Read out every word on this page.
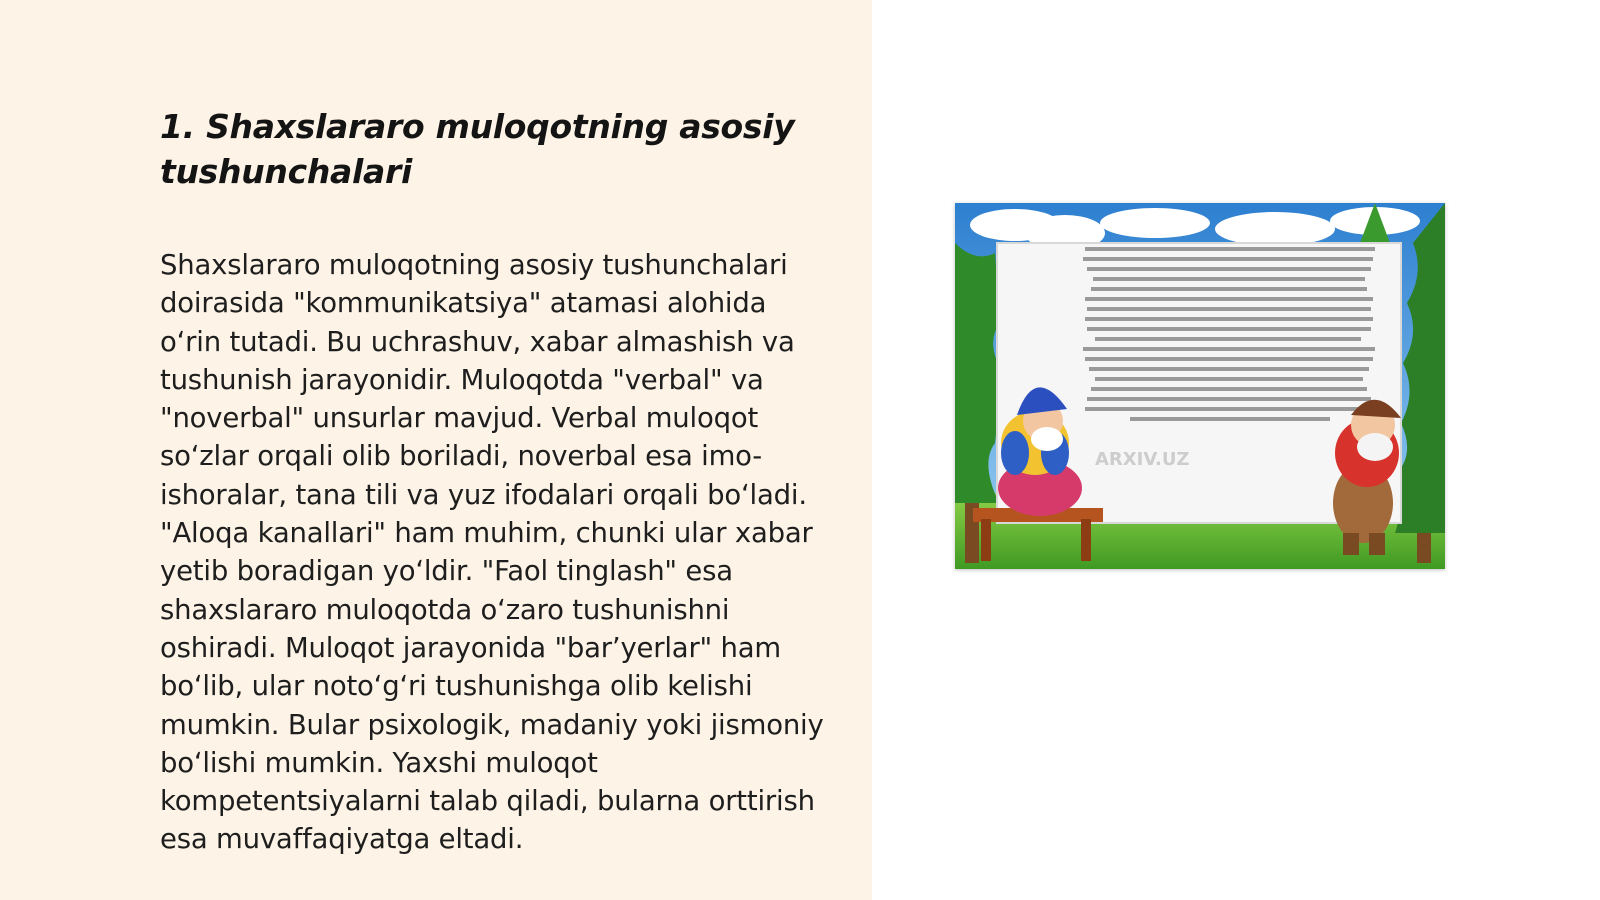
1. Shaxslararo muloqotning asosiy tushunchalari

Shaxslararo muloqotning asosiy tushunchalari doirasida "kommunikatsiya" atamasi alohida oʻrin tutadi. Bu uchrashuv, xabar almashish va tushunish jarayonidir. Muloqotda "verbal" va "noverbal" unsurlar mavjud. Verbal muloqot soʻzlar orqali olib boriladi, noverbal esa imo-ishoralar, tana tili va yuz ifodalari orqali boʻladi. "Aloqa kanallari" ham muhim, chunki ular xabar yetib boradigan yoʻldir. "Faol tinglash" esa shaxslararo muloqotda oʻzaro tushunishni oshiradi. Muloqot jarayonida "bar’yerlar" ham boʻlib, ular notoʻgʻri tushunishga olib kelishi mumkin. Bular psixologik, madaniy yoki jismoniy boʻlishi mumkin. Yaxshi muloqot kompetentsiyalarni talab qiladi, bularna orttirish esa muvaffaqiyatga eltadi.

ARXIV.UZ
